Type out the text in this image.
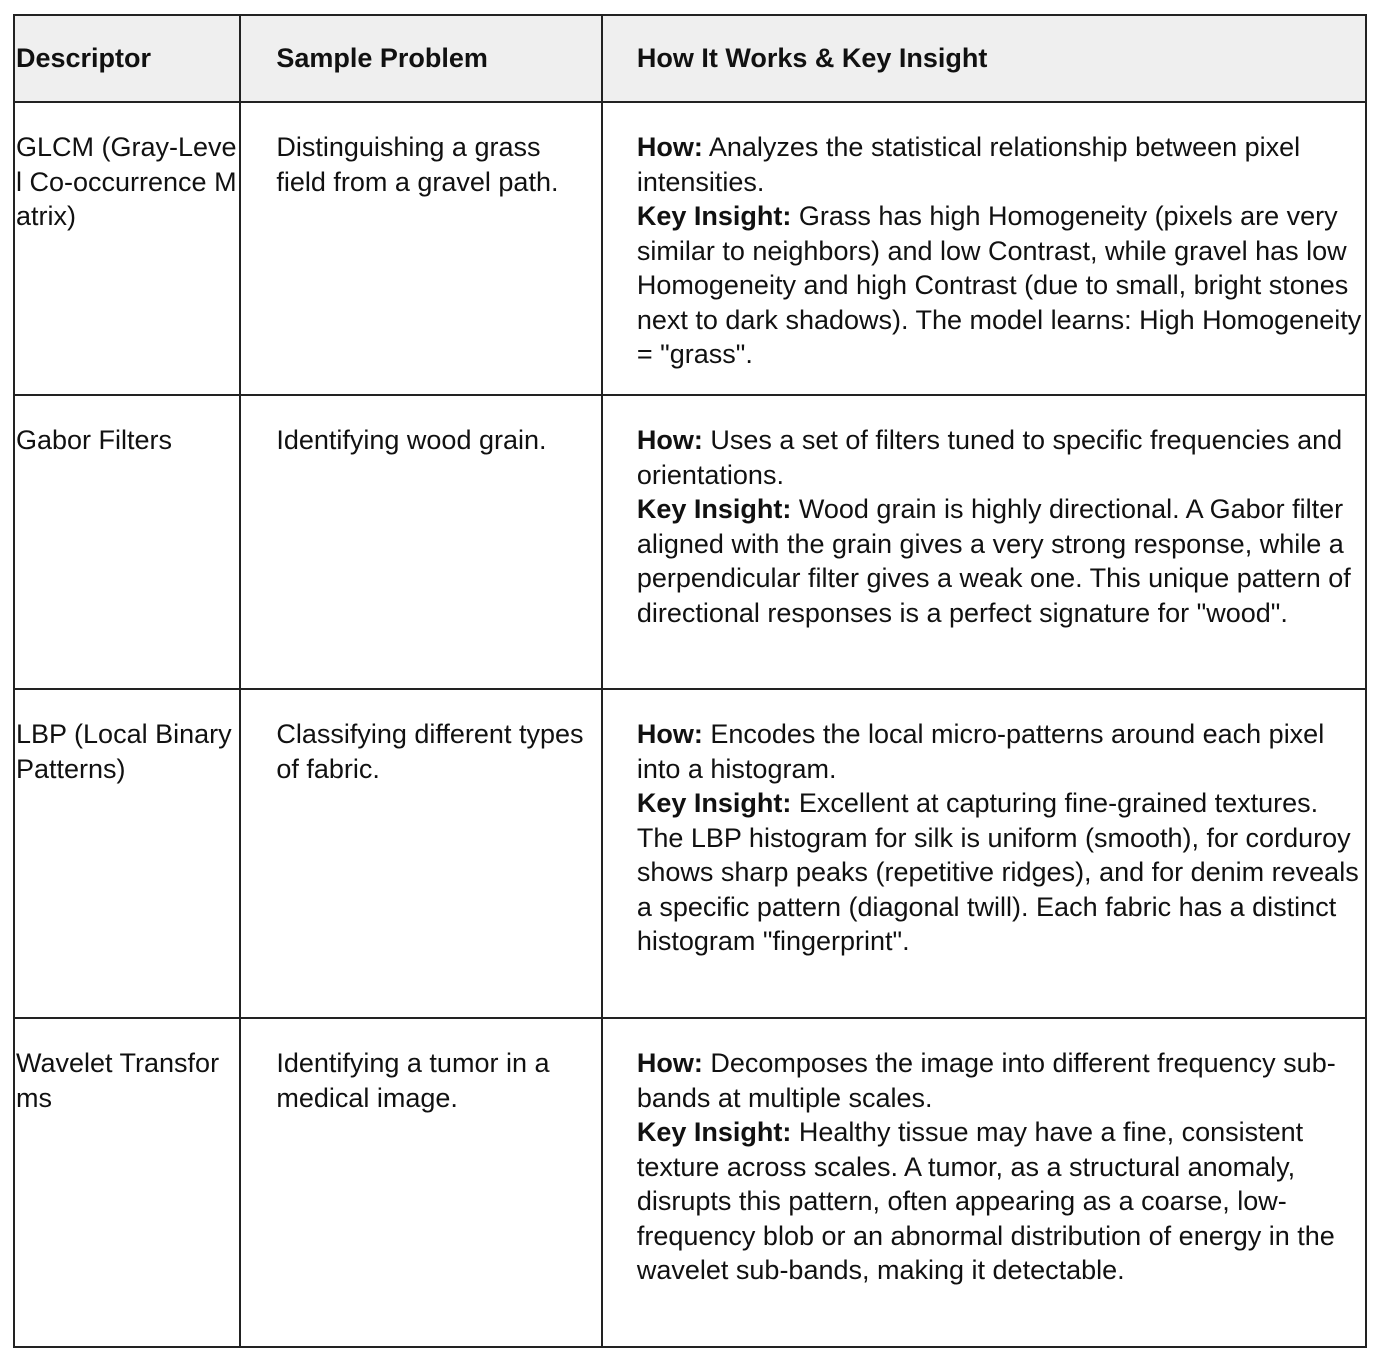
Descriptor	Sample Problem	How It Works & Key Insight
GLCM (Gray-Level Co-occurrence Matrix)	Distinguishing a grass field from a gravel path.	How: Analyzes the statistical relationship between pixel intensities.
Key Insight: Grass has high Homogeneity (pixels are very similar to neighbors) and low Contrast, while gravel has low Homogeneity and high Contrast (due to small, bright stones next to dark shadows). The model learns: High Homogeneity = "grass".

Gabor Filters	Identifying wood grain.	How: Uses a set of filters tuned to specific frequencies and orientations.
Key Insight: Wood grain is highly directional. A Gabor filter aligned with the grain gives a very strong response, while a perpendicular filter gives a weak one. This unique pattern of directional responses is a perfect signature for "wood".

LBP (Local Binary Patterns)	Classifying different types of fabric.	How: Encodes the local micro-patterns around each pixel into a histogram.
Key Insight: Excellent at capturing fine-grained textures. The LBP histogram for silk is uniform (smooth), for corduroy shows sharp peaks (repetitive ridges), and for denim reveals a specific pattern (diagonal twill). Each fabric has a distinct histogram "fingerprint".

Wavelet Transforms	Identifying a tumor in a medical image.	How: Decomposes the image into different frequency sub-bands at multiple scales.
Key Insight: Healthy tissue may have a fine, consistent texture across scales. A tumor, as a structural anomaly, disrupts this pattern, often appearing as a coarse, low-frequency blob or an abnormal distribution of energy in the wavelet sub-bands, making it detectable.
